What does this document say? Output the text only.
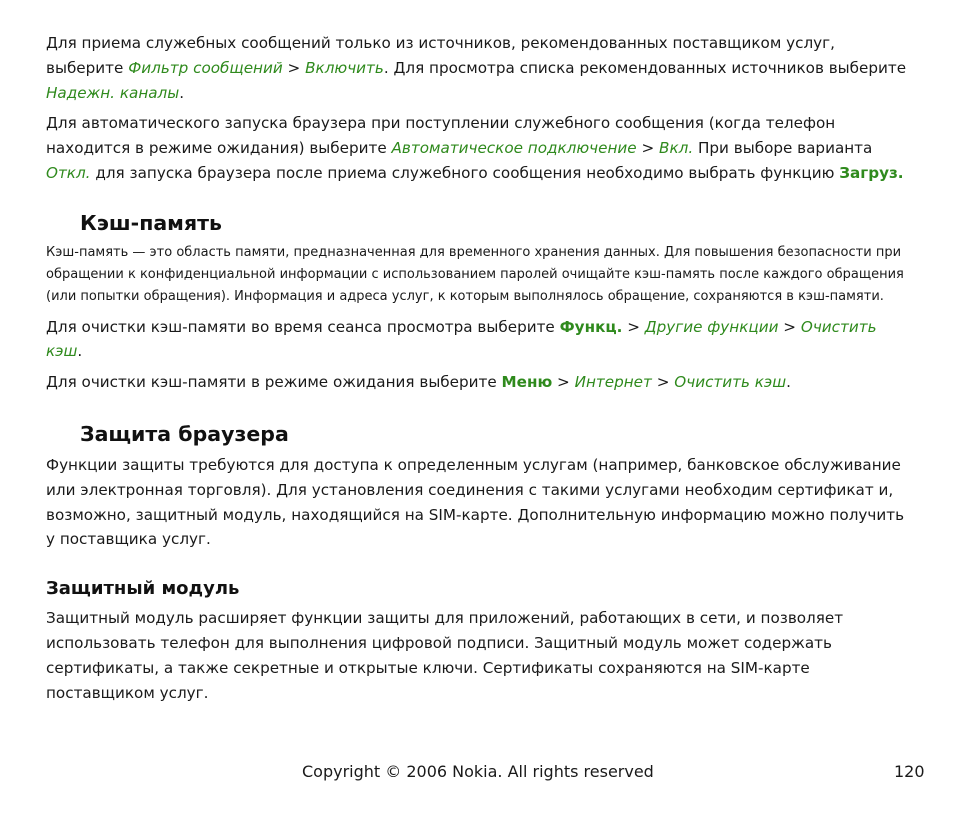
Для приема служебных сообщений только из источников, рекомендованных поставщиком услуг, выберите Фильтр сообщений > Включить. Для просмотра списка рекомендованных источников выберите Надежн. каналы.

Для автоматического запуска браузера при поступлении служебного сообщения (когда телефон находится в режиме ожидания) выберите Автоматическое подключение > Вкл. При выборе варианта Откл. для запуска браузера после приема служебного сообщения необходимо выбрать функцию Загруз.

Кэш-память

Кэш-память — это область памяти, предназначенная для временного хранения данных. Для повышения безопасности при обращении к конфиденциальной информации с использованием паролей очищайте кэш-память после каждого обращения (или попытки обращения). Информация и адреса услуг, к которым выполнялось обращение, сохраняются в кэш-памяти.

Для очистки кэш-памяти во время сеанса просмотра выберите Функц. > Другие функции > Очистить кэш.

Для очистки кэш-памяти в режиме ожидания выберите Меню > Интернет > Очистить кэш.

Защита браузера

Функции защиты требуются для доступа к определенным услугам (например, банковское обслуживание или электронная торговля). Для установления соединения с такими услугами необходим сертификат и, возможно, защитный модуль, находящийся на SIM-карте. Дополнительную информацию можно получить у поставщика услуг.

Защитный модуль

Защитный модуль расширяет функции защиты для приложений, работающих в сети, и позволяет использовать телефон для выполнения цифровой подписи. Защитный модуль может содержать сертификаты, а также секретные и открытые ключи. Сертификаты сохраняются на SIM-карте поставщиком услуг.

Copyright © 2006 Nokia. All rights reserved	120
